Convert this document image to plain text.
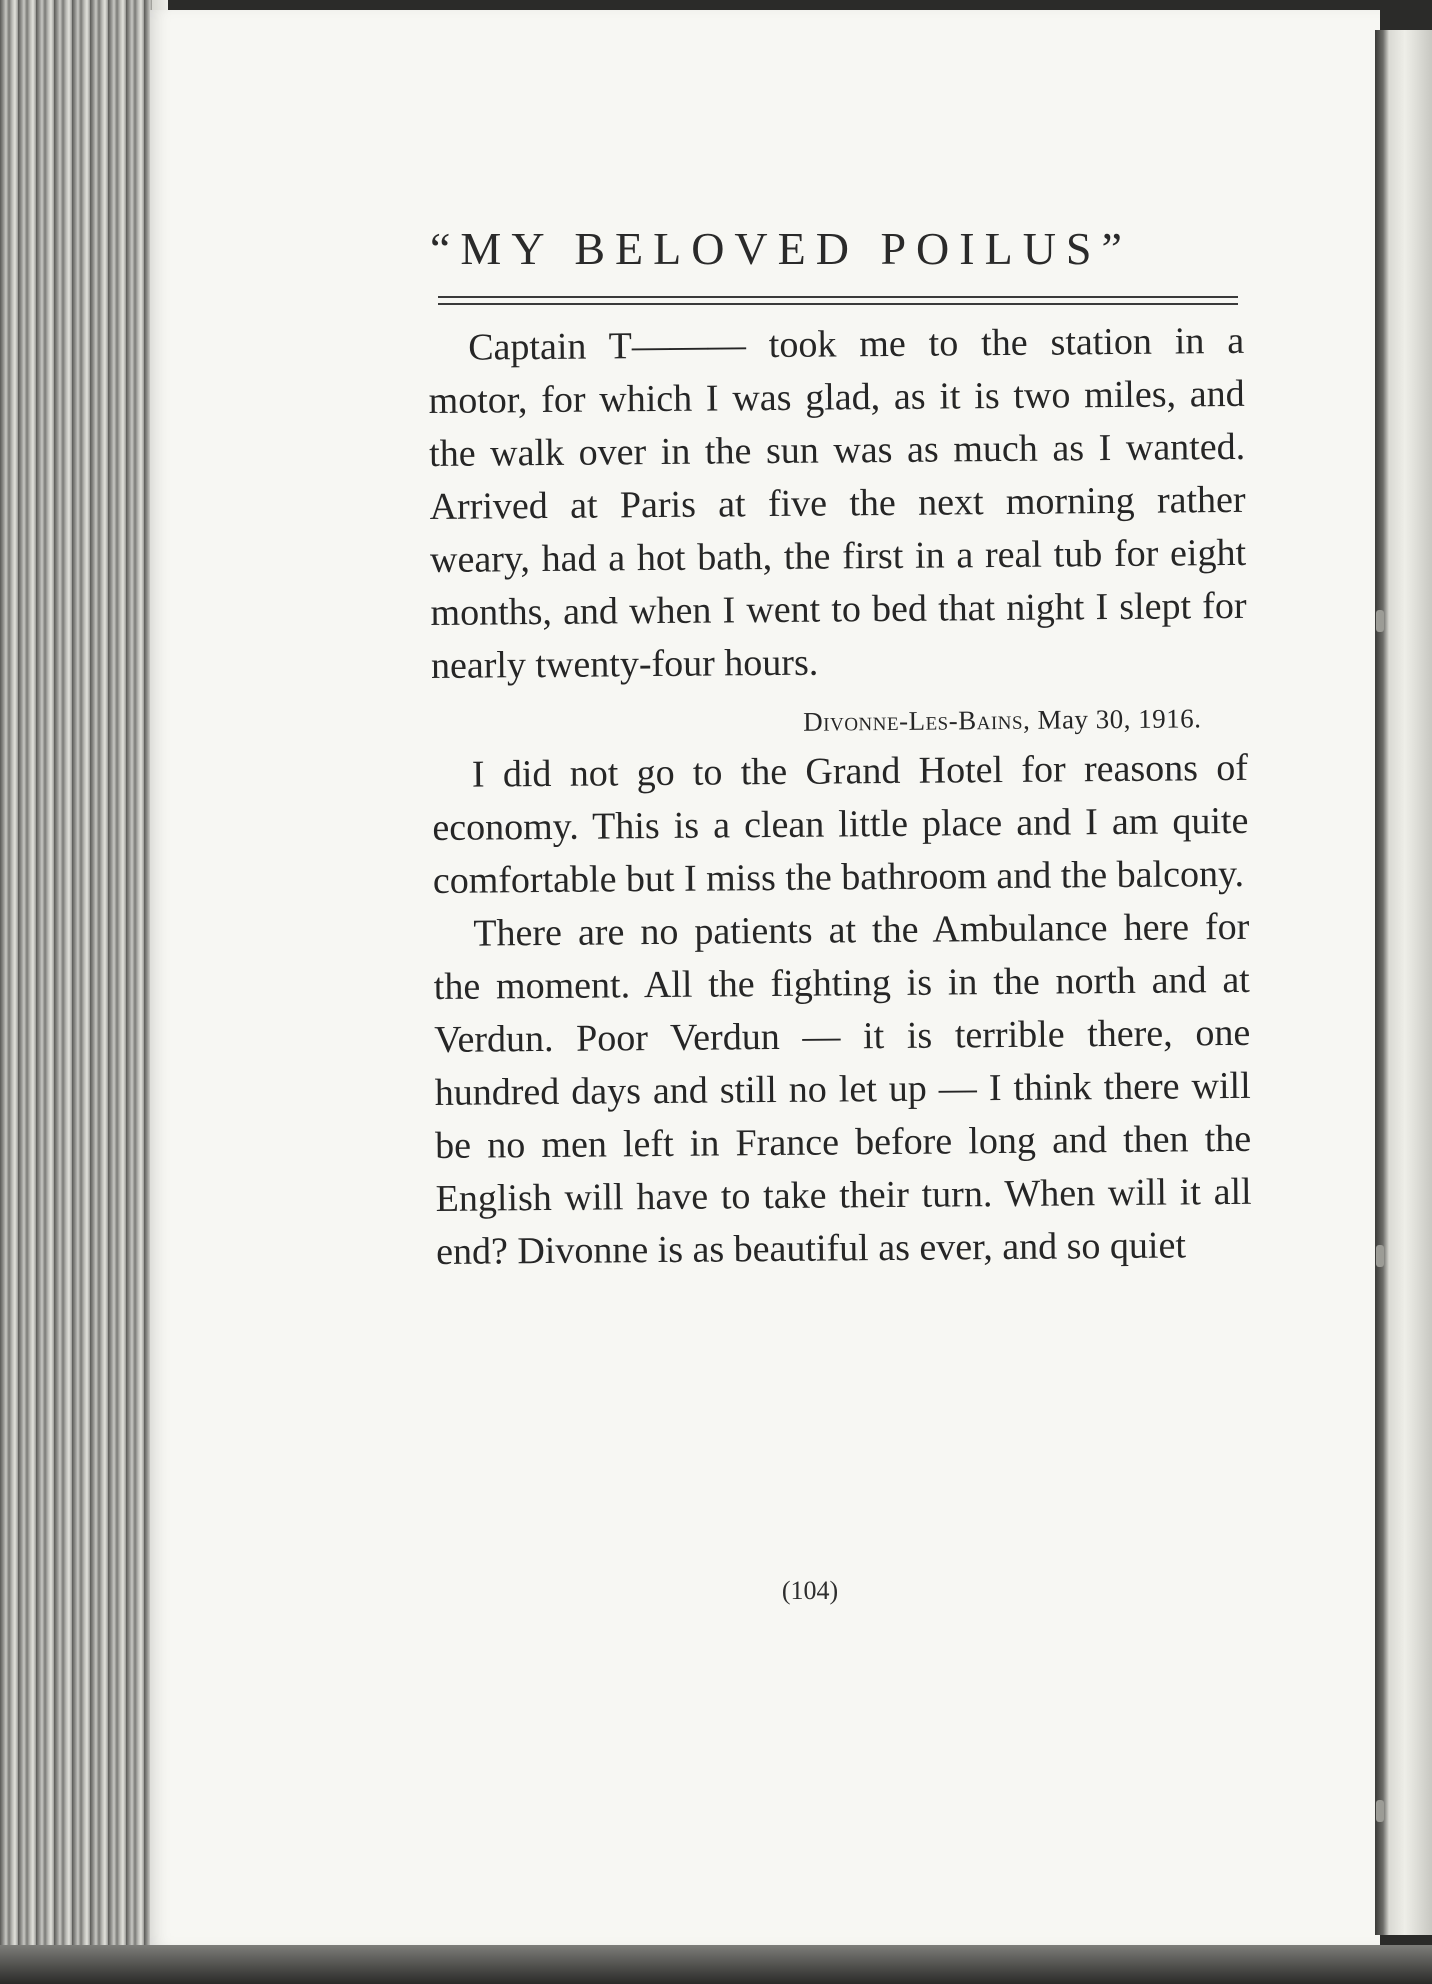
“MY BELOVED POILUS”

Captain T——— took me to the station in a motor, for which I was glad, as it is two miles, and the walk over in the sun was as much as I wanted. Arrived at Paris at five the next morning rather weary, had a hot bath, the first in a real tub for eight months, and when I went to bed that night I slept for nearly twenty-four hours.

Divonne-Les-Bains, May 30, 1916.

I did not go to the Grand Hotel for reasons of economy. This is a clean little place and I am quite comfortable but I miss the bathroom and the balcony.

There are no patients at the Ambulance here for the moment. All the fighting is in the north and at Verdun. Poor Verdun — it is terrible there, one hundred days and still no let up — I think there will be no men left in France before long and then the English will have to take their turn. When will it all end? Divonne is as beautiful as ever, and so quiet

(104)
